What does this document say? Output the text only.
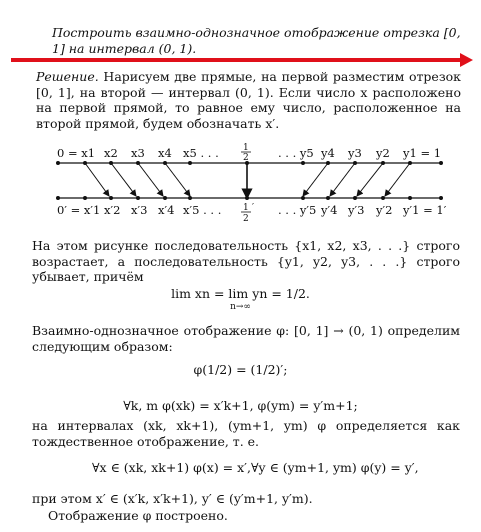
Построить взаимно-однозначное отображение отрезка [0, 1] на интервал (0, 1).
Решение. Нарисуем две прямые, на первой разместим отрезок [0, 1], на второй — интервал (0, 1). Если число x расположено на первой прямой, то равное ему число, расположенное на второй прямой, будем обозначать x′.
0 = x1 x2 x3 x4 x5 . . .	1
2	. . . y5 y4 y3 y2 y1 = 1
0′ = x′1 x′2 x′3 x′4 x′5 . . . 1
2
′ . . . y′5 y′4 y′3 y′2 y′1 = 1′
На этом рисунке последовательность {x1, x2, x3, . . .} строго возрастает, а последовательность {y1, y2, y3, . . .} строго убывает, причём
lim xn = lim yn = 1/2.
n→∞
Взаимно-однозначное отображение φ: [0, 1] → (0, 1) определим следующим образом:
φ(1/2) = (1/2)′;
∀k, m φ(xk) = x′k+1, φ(ym) = y′m+1;
на интервалах (xk, xk+1), (ym+1, ym) φ определяется как тождественное отображение, т. е.
∀x ∈ (xk, xk+1) φ(x) = x′, ∀y ∈ (ym+1, ym) φ(y) = y′,
при этом x′ ∈ (x′k, x′k+1), y′ ∈ (y′m+1, y′m).
Отображение φ построено.
